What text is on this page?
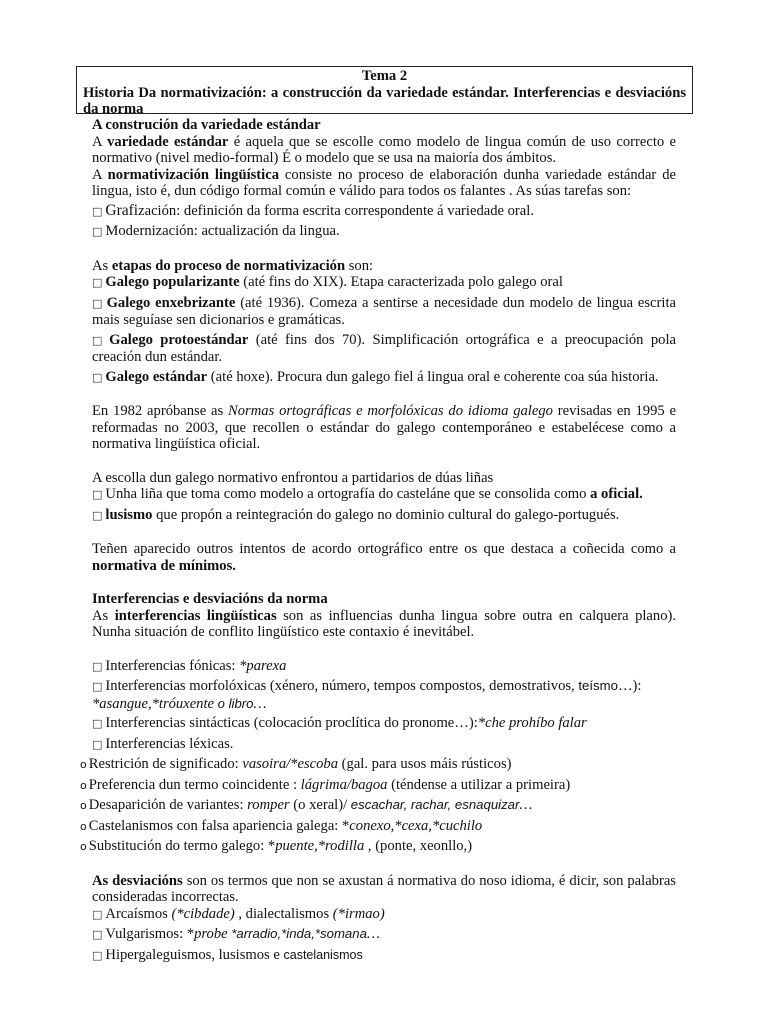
Tema 2
Historia Da normativización: a construcción da variedade estándar. Interferencias e desviacións da norma

A construción da variedade estándar

A variedade estándar é aquela que se escolle como modelo de lingua común de uso correcto e normativo (nivel medio-formal) É o modelo que se usa na maioría dos ámbitos.

A normativización lingüística consiste no proceso de elaboración dunha variedade estándar de lingua, isto é, dun código formal común e válido para todos os falantes . As súas tarefas son:

□ Grafización: definición da forma escrita correspondente á variedade oral.

□ Modernización: actualización da lingua.

As etapas do proceso de normativización son:

□ Galego popularizante (até fins do XIX). Etapa caracterizada polo galego oral

□ Galego enxebrizante (até 1936). Comeza a sentirse a necesidade dun modelo de lingua escrita mais seguíase sen dicionarios e gramáticas.

□ Galego protoestándar (até fins dos 70). Simplificación ortográfica e a preocupación pola creación dun estándar.

□ Galego estándar (até hoxe). Procura dun galego fiel á lingua oral e coherente coa súa historia.

En 1982 apróbanse as Normas ortográficas e morfolóxicas do idioma galego revisadas en 1995 e reformadas no 2003, que recollen o estándar do galego contemporáneo e estabelécese como a normativa lingüística oficial.

A escolla dun galego normativo enfrontou a partidarios de dúas liñas

□ Unha liña que toma como modelo a ortografía do casteláne que se consolida como a oficial.

□ lusismo que propón a reintegración do galego no dominio cultural do galego-portugués.

Teñen aparecido outros intentos de acordo ortográfico entre os que destaca a coñecida como a normativa de mínimos.

Interferencias e desviacións da norma

As interferencias lingüísticas son as influencias dunha lingua sobre outra en calquera plano). Nunha situación de conflito lingüístico este contaxio é inevitábel.

□ Interferencias fónicas: *parexa

□ Interferencias morfolóxicas (xénero, número, tempos compostos, demostrativos, teísmo…):
*asangue,*tróuxente o libro…

□ Interferencias sintácticas (colocación proclítica do pronome…):*che prohíbo falar

□ Interferencias léxicas.

o Restrición de significado: vasoira/*escoba (gal. para usos máis rústicos)

o Preferencia dun termo coincidente : lágrima/bagoa (téndense a utilizar a primeira)

o Desaparición de variantes: romper (o xeral)/ escachar, rachar, esnaquizar…

o Castelanismos con falsa apariencia galega: *conexo,*cexa,*cuchilo

o Substitución do termo galego: *puente,*rodilla , (ponte, xeonllo,)

As desviacións son os termos que non se axustan á normativa do noso idioma, é dicir, son palabras consideradas incorrectas.

□ Arcaísmos (*cibdade) , dialectalismos (*irmao)

□ Vulgarismos: *probe *arradio,*inda,*somana…

□ Hipergaleguismos, lusismos e castelanismos
